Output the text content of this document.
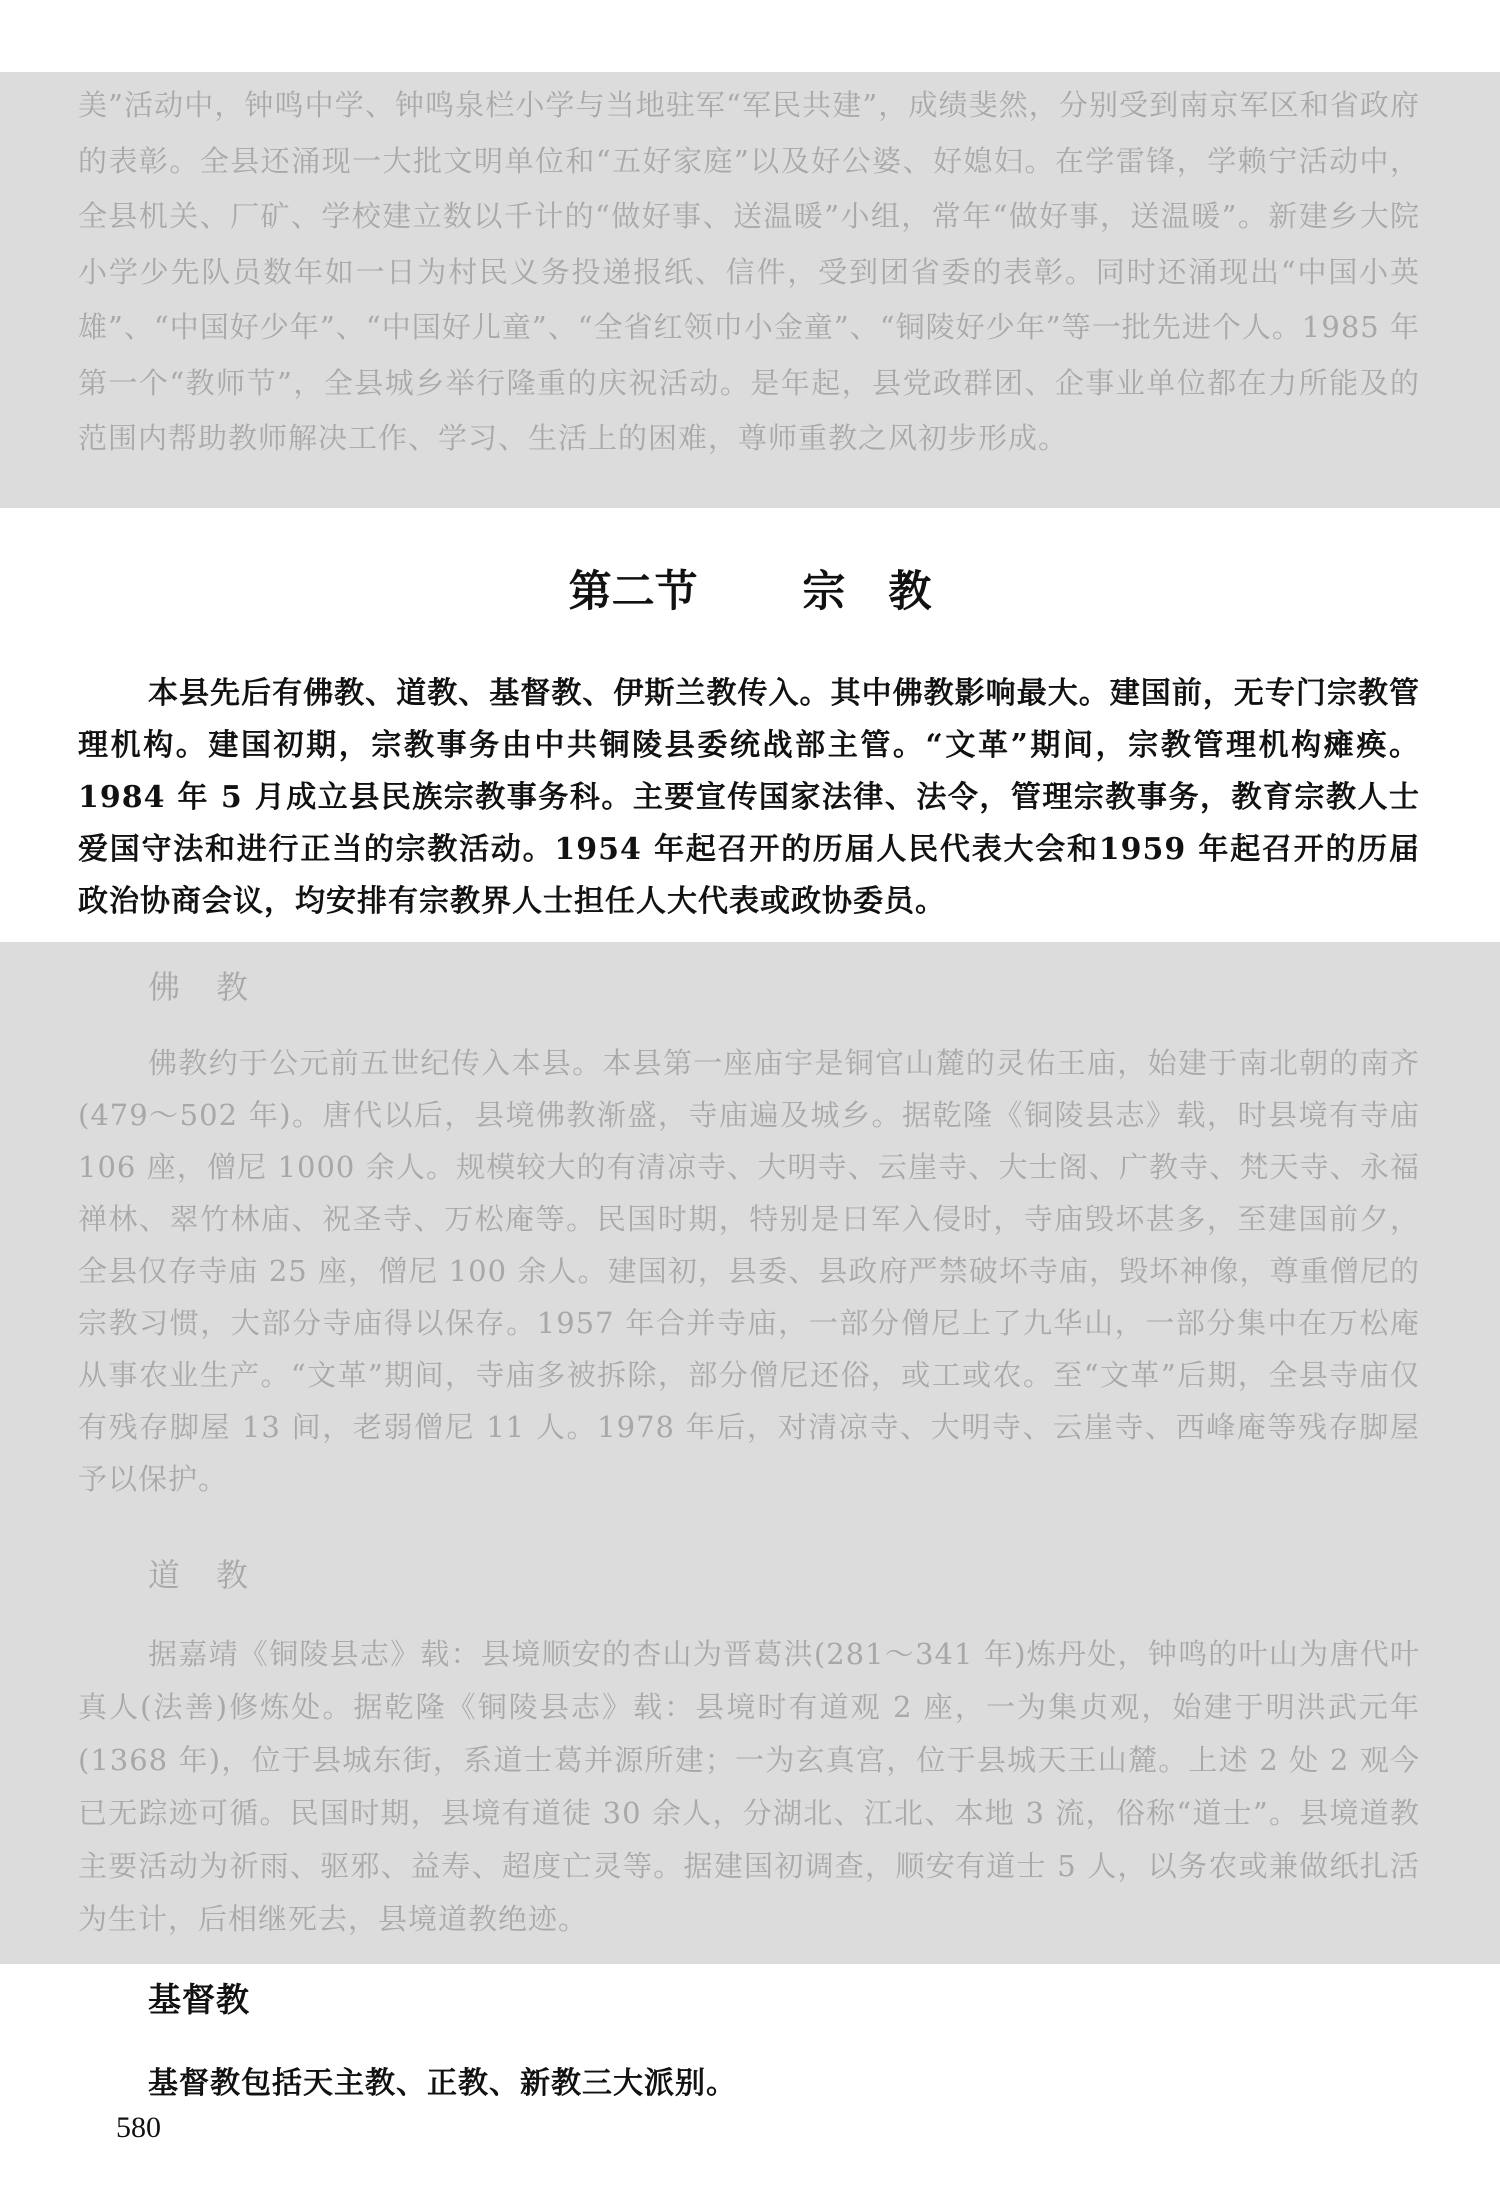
美”活动中，钟鸣中学、钟鸣泉栏小学与当地驻军“军民共建”，成绩斐然，分别受到南京军区和省政府的表彰。全县还涌现一大批文明单位和“五好家庭”以及好公婆、好媳妇。在学雷锋，学赖宁活动中，全县机关、厂矿、学校建立数以千计的“做好事、送温暖”小组，常年“做好事，送温暖”。新建乡大院小学少先队员数年如一日为村民义务投递报纸、信件，受到团省委的表彰。同时还涌现出“中国小英雄”、“中国好少年”、“中国好儿童”、“全省红领巾小金童”、“铜陵好少年”等一批先进个人。1985 年第一个“教师节”，全县城乡举行隆重的庆祝活动。是年起，县党政群团、企事业单位都在力所能及的范围内帮助教师解决工作、学习、生活上的困难，尊师重教之风初步形成。
第二节 宗　教
本县先后有佛教、道教、基督教、伊斯兰教传入。其中佛教影响最大。建国前，无专门宗教管理机构。建国初期，宗教事务由中共铜陵县委统战部主管。“文革”期间，宗教管理机构瘫痪。1984 年 5 月成立县民族宗教事务科。主要宣传国家法律、法令，管理宗教事务，教育宗教人士爱国守法和进行正当的宗教活动。1954 年起召开的历届人民代表大会和1959 年起召开的历届政治协商会议，均安排有宗教界人士担任人大代表或政协委员。
佛　教
佛教约于公元前五世纪传入本县。本县第一座庙宇是铜官山麓的灵佑王庙，始建于南北朝的南齐(479～502 年)。唐代以后，县境佛教渐盛，寺庙遍及城乡。据乾隆《铜陵县志》载，时县境有寺庙 106 座，僧尼 1000 余人。规模较大的有清凉寺、大明寺、云崖寺、大士阁、广教寺、梵天寺、永福禅林、翠竹林庙、祝圣寺、万松庵等。民国时期，特别是日军入侵时，寺庙毁坏甚多，至建国前夕，全县仅存寺庙 25 座，僧尼 100 余人。建国初，县委、县政府严禁破坏寺庙，毁坏神像，尊重僧尼的宗教习惯，大部分寺庙得以保存。1957 年合并寺庙，一部分僧尼上了九华山，一部分集中在万松庵从事农业生产。“文革”期间，寺庙多被拆除，部分僧尼还俗，或工或农。至“文革”后期，全县寺庙仅有残存脚屋 13 间，老弱僧尼 11 人。1978 年后，对清凉寺、大明寺、云崖寺、西峰庵等残存脚屋予以保护。
道　教
据嘉靖《铜陵县志》载：县境顺安的杏山为晋葛洪(281～341 年)炼丹处，钟鸣的叶山为唐代叶真人(法善)修炼处。据乾隆《铜陵县志》载：县境时有道观 2 座，一为集贞观，始建于明洪武元年(1368 年)，位于县城东街，系道士葛并源所建；一为玄真宫，位于县城天王山麓。上述 2 处 2 观今已无踪迹可循。民国时期，县境有道徒 30 余人，分湖北、江北、本地 3 流，俗称“道士”。县境道教主要活动为祈雨、驱邪、益寿、超度亡灵等。据建国初调查，顺安有道士 5 人，以务农或兼做纸扎活为生计，后相继死去，县境道教绝迹。
基督教
基督教包括天主教、正教、新教三大派别。
580
